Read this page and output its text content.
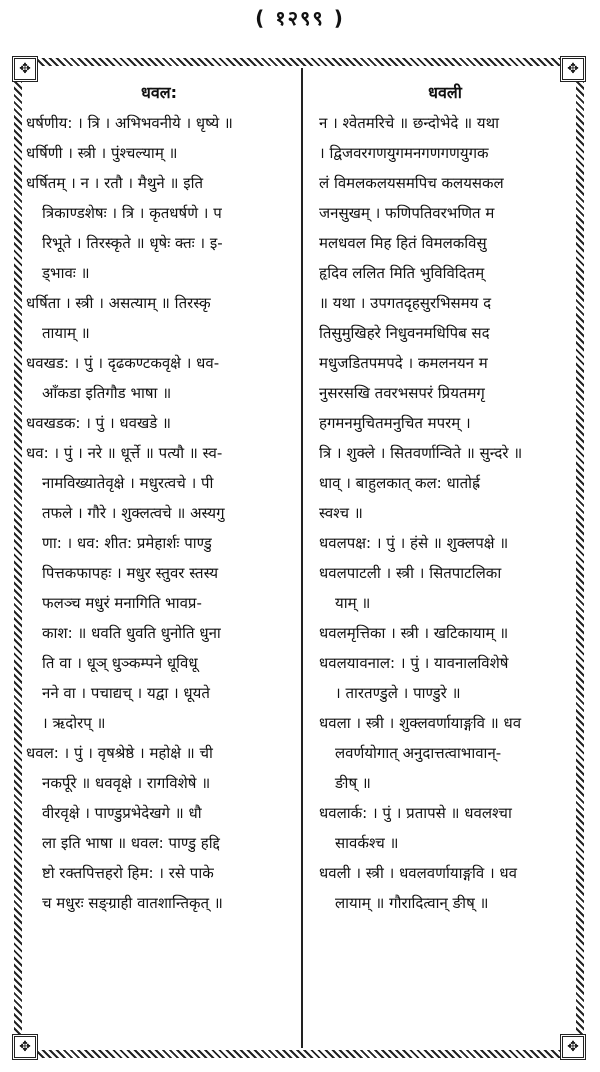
( १२९९ )
✥	✥
✥	✥
धवल:
धर्षणीय: । त्रि । अभिभवनीये । धृष्ये ॥
धर्षिणी । स्त्री । पुंश्चल्याम् ॥
धर्षितम् । न । रतौ । मैथुने ॥ इति
त्रिकाण्डशेषः । त्रि । कृतधर्षणे । प
रिभूते । तिरस्कृते ॥ धृषेः क्तः । इ-
ड्भावः ॥
धर्षिता । स्त्री । असत्याम् ॥ तिरस्कृ
तायाम् ॥
धवखड: । पुं । दृढकण्टकवृक्षे । धव-
आँकडा इतिगौड भाषा ॥
धवखडक: । पुं । धवखडे ॥
धव: । पुं । नरे ॥ धूर्त्ते ॥ पत्यौ ॥ स्व-
नामविख्यातेवृक्षे । मधुरत्वचे । पी
तफले । गौरे । शुक्लत्वचे ॥ अस्यगु
णा: । धव: शीत: प्रमेहार्शः पाण्डु
पित्तकफापहः । मधुर स्तुवर स्तस्य
फलञ्च मधुरं मनागिति भावप्र-
काश: ॥ धवति धुवति धुनोति धुना
ति वा । धूञ् धुञ्कम्पने धूविधू
नने वा । पचाद्यच् । यद्वा । धूयते
। ऋदोरप् ॥
धवल: । पुं । वृषश्रेष्ठे । महोक्षे ॥ ची
नकर्पूरे ॥ धववृक्षे । रागविशेषे ॥
वीरवृक्षे । पाण्डुप्रभेदेखगे ॥ धौ
ला इति भाषा ॥ धवल: पाण्डु हद्दि
ष्टो रक्तपित्तहरो हिम: । रसे पाके
च मधुरः सङ्ग्राही वातशान्तिकृत् ॥
धवली
न । श्वेतमरिचे ॥ छन्दोभेदे ॥ यथा
। द्विजवरगणयुगमनगणगणयुगक
लं विमलकलयसमपिच कलयसकल
जनसुखम् । फणिपतिवरभणित म
मलधवल मिह हितं विमलकविसु
हृदिव ललित मिति भुविविदितम्
॥ यथा । उपगतदृहसुरभिसमय द
तिसुमुखिहरे निधुवनमधिपिब सद
मधुजडितपमपदे । कमलनयन म
नुसरसखि तवरभसपरं प्रियतमगृ
हगमनमुचितमनुचित मपरम् ।
त्रि । शुक्ले । सितवर्णान्विते ॥ सुन्दरे ॥
धाव् । बाहुलकात् कल: धातोर्ह्र
स्वश्च ॥
धवलपक्ष: । पुं । हंसे ॥ शुक्लपक्षे ॥
धवलपाटली । स्त्री । सितपाटलिका
याम् ॥
धवलमृत्तिका । स्त्री । खटिकायाम् ॥
धवलयावनाल: । पुं । यावनालविशेषे
। तारतण्डुले । पाण्डुरे ॥
धवला । स्त्री । शुक्लवर्णायाङ्गवि ॥ धव
लवर्णयोगात् अनुदात्तत्वाभावान्-
ङीष् ॥
धवलार्क: । पुं । प्रतापसे ॥ धवलश्चा
सावर्कश्च ॥
धवली । स्त्री । धवलवर्णायाङ्गवि । धव
लायाम् ॥ गौरादित्वान् ङीष् ॥
